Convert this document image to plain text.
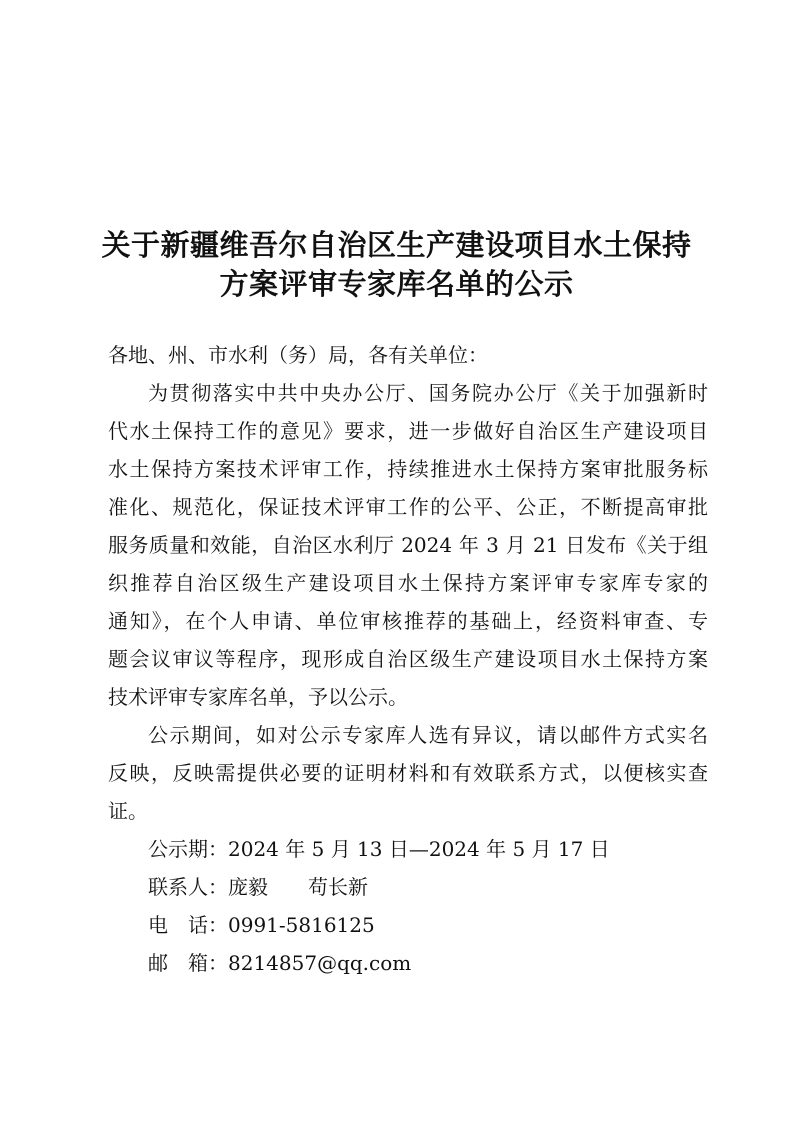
关于新疆维吾尔自治区生产建设项目水土保持
方案评审专家库名单的公示
各地、州、市水利（务）局，各有关单位：
为贯彻落实中共中央办公厅、国务院办公厅《关于加强新时
代水土保持工作的意见》要求，进一步做好自治区生产建设项目
水土保持方案技术评审工作，持续推进水土保持方案审批服务标
准化、规范化，保证技术评审工作的公平、公正，不断提高审批
服务质量和效能，自治区水利厅 2024 年 3 月 21 日发布《关于组
织推荐自治区级生产建设项目水土保持方案评审专家库专家的
通知》，在个人申请、单位审核推荐的基础上，经资料审查、专
题会议审议等程序，现形成自治区级生产建设项目水土保持方案
技术评审专家库名单，予以公示。
公示期间，如对公示专家库人选有异议，请以邮件方式实名
反映，反映需提供必要的证明材料和有效联系方式，以便核实查
证。
公示期：2024 年 5 月 13 日—2024 年 5 月 17 日
联系人：庞毅　　苟长新
电　话：0991-5816125
邮　箱：8214857@qq.com
